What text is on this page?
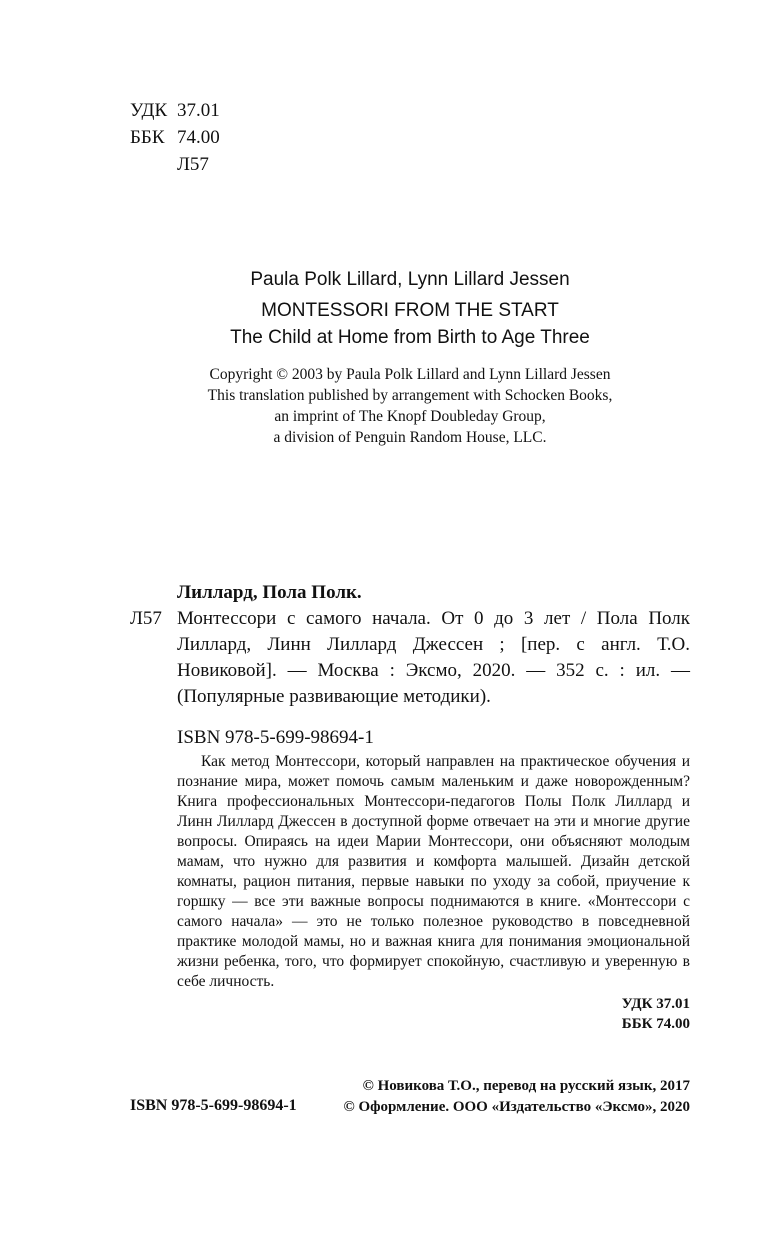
УДК 37.01
ББК 74.00
Л57
Paula Polk Lillard, Lynn Lillard Jessen
MONTESSORI FROM THE START
The Child at Home from Birth to Age Three
Copyright © 2003 by Paula Polk Lillard and Lynn Lillard Jessen
This translation published by arrangement with Schocken Books,
an imprint of The Knopf Doubleday Group,
a division of Penguin Random House, LLC.
Лиллард, Пола Полк.
Л57 Монтессори с самого начала. От 0 до 3 лет / Пола Полк Лиллард, Линн Лиллард Джессен ; [пер. с англ. Т.О. Новиковой]. — Москва : Эксмо, 2020. — 352 с. : ил. — (Популярные развивающие методики).
ISBN 978-5-699-98694-1
Как метод Монтессори, который направлен на практическое обучения и познание мира, может помочь самым маленьким и даже новорожденным? Книга профессиональных Монтессори-педагогов Полы Полк Лиллард и Линн Лиллард Джессен в доступной форме отвечает на эти и многие другие вопросы. Опираясь на идеи Марии Монтессори, они объясняют молодым мамам, что нужно для развития и комфорта малышей. Дизайн детской комнаты, рацион питания, первые навыки по уходу за собой, приучение к горшку — все эти важные вопросы поднимаются в книге. «Монтессори с самого начала» — это не только полезное руководство в повседневной практике молодой мамы, но и важная книга для понимания эмоциональной жизни ребенка, того, что формирует спокойную, счастливую и уверенную в себе личность.
УДК 37.01
ББК 74.00
ISBN 978-5-699-98694-1
© Новикова Т.О., перевод на русский язык, 2017
© Оформление. ООО «Издательство «Эксмо», 2020
